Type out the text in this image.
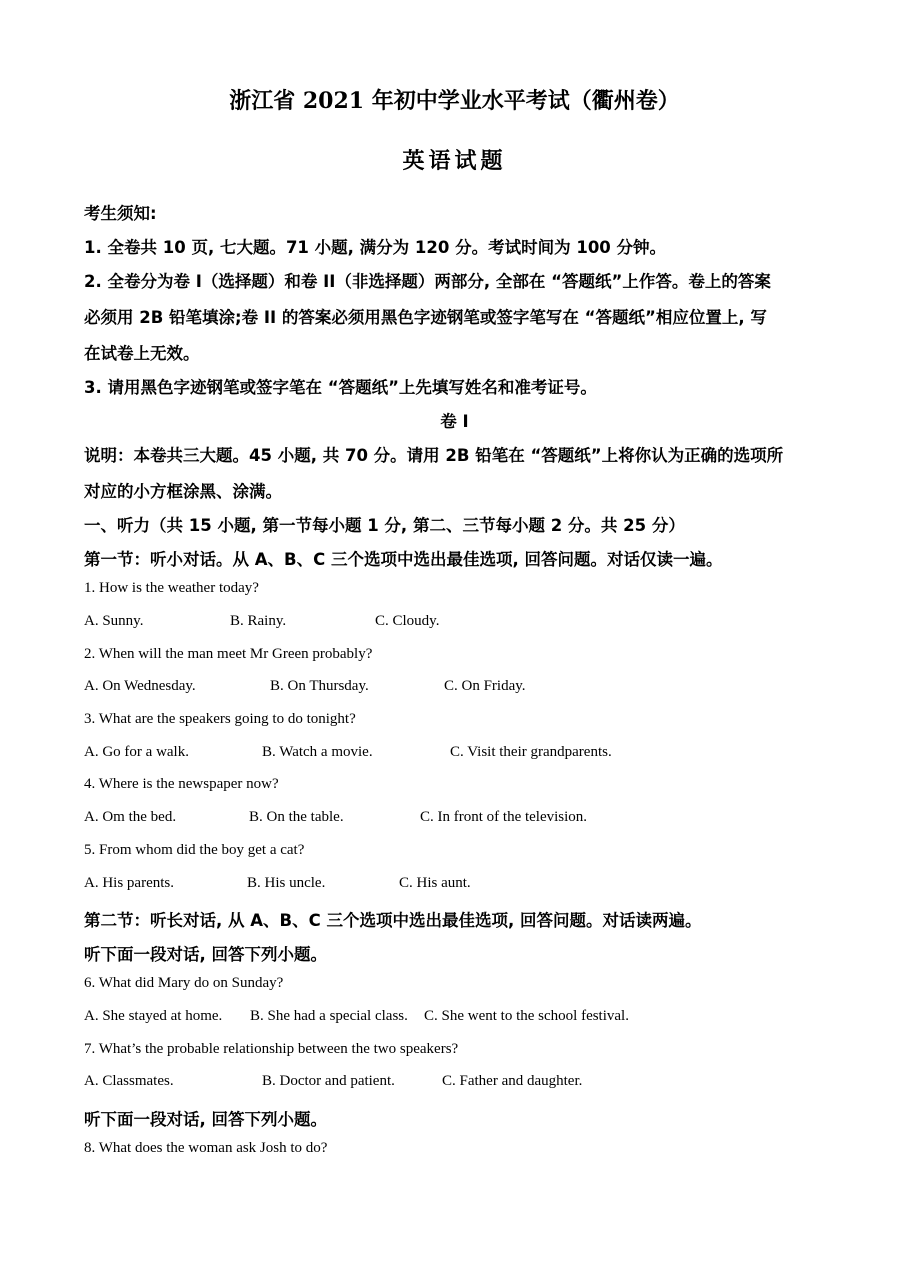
浙江省 2021 年初中学业水平考试（衢州卷）
英语试题
考生须知:
1. 全卷共 10 页, 七大题。71 小题, 满分为 120 分。考试时间为 100 分钟。
2. 全卷分为卷 I（选择题）和卷 II（非选择题）两部分, 全部在 “答题纸”上作答。卷上的答案
必须用 2B 铅笔填涂;卷 II 的答案必须用黑色字迹钢笔或签字笔写在 “答题纸”相应位置上, 写
在试卷上无效。
3. 请用黑色字迹钢笔或签字笔在 “答题纸”上先填写姓名和准考证号。
卷 I
说明：本卷共三大题。45 小题, 共 70 分。请用 2B 铅笔在 “答题纸”上将你认为正确的选项所
对应的小方框涂黑、涂满。
一、听力（共 15 小题, 第一节每小题 1 分, 第二、三节每小题 2 分。共 25 分）
第一节：听小对话。从 A、B、C 三个选项中选出最佳选项, 回答问题。对话仅读一遍。
1. How is the weather today?
A. Sunny.	B. Rainy.	C. Cloudy.
2. When will the man meet Mr Green probably?
A. On Wednesday.	B. On Thursday.	C. On Friday.
3. What are the speakers going to do tonight?
A. Go for a walk.	B. Watch a movie.	C. Visit their grandparents.
4. Where is the newspaper now?
A. Om the bed.	B. On the table.	C. In front of the television.
5. From whom did the boy get a cat?
A. His parents.	B. His uncle.	C. His aunt.
第二节：听长对话, 从 A、B、C 三个选项中选出最佳选项, 回答问题。对话读两遍。
听下面一段对话, 回答下列小题。
6. What did Mary do on Sunday?
A. She stayed at home. B. She had a special class. C. She went to the school festival.
7. What’s the probable relationship between the two speakers?
A. Classmates.	B. Doctor and patient.	C. Father and daughter.
听下面一段对话, 回答下列小题。
8. What does the woman ask Josh to do?
